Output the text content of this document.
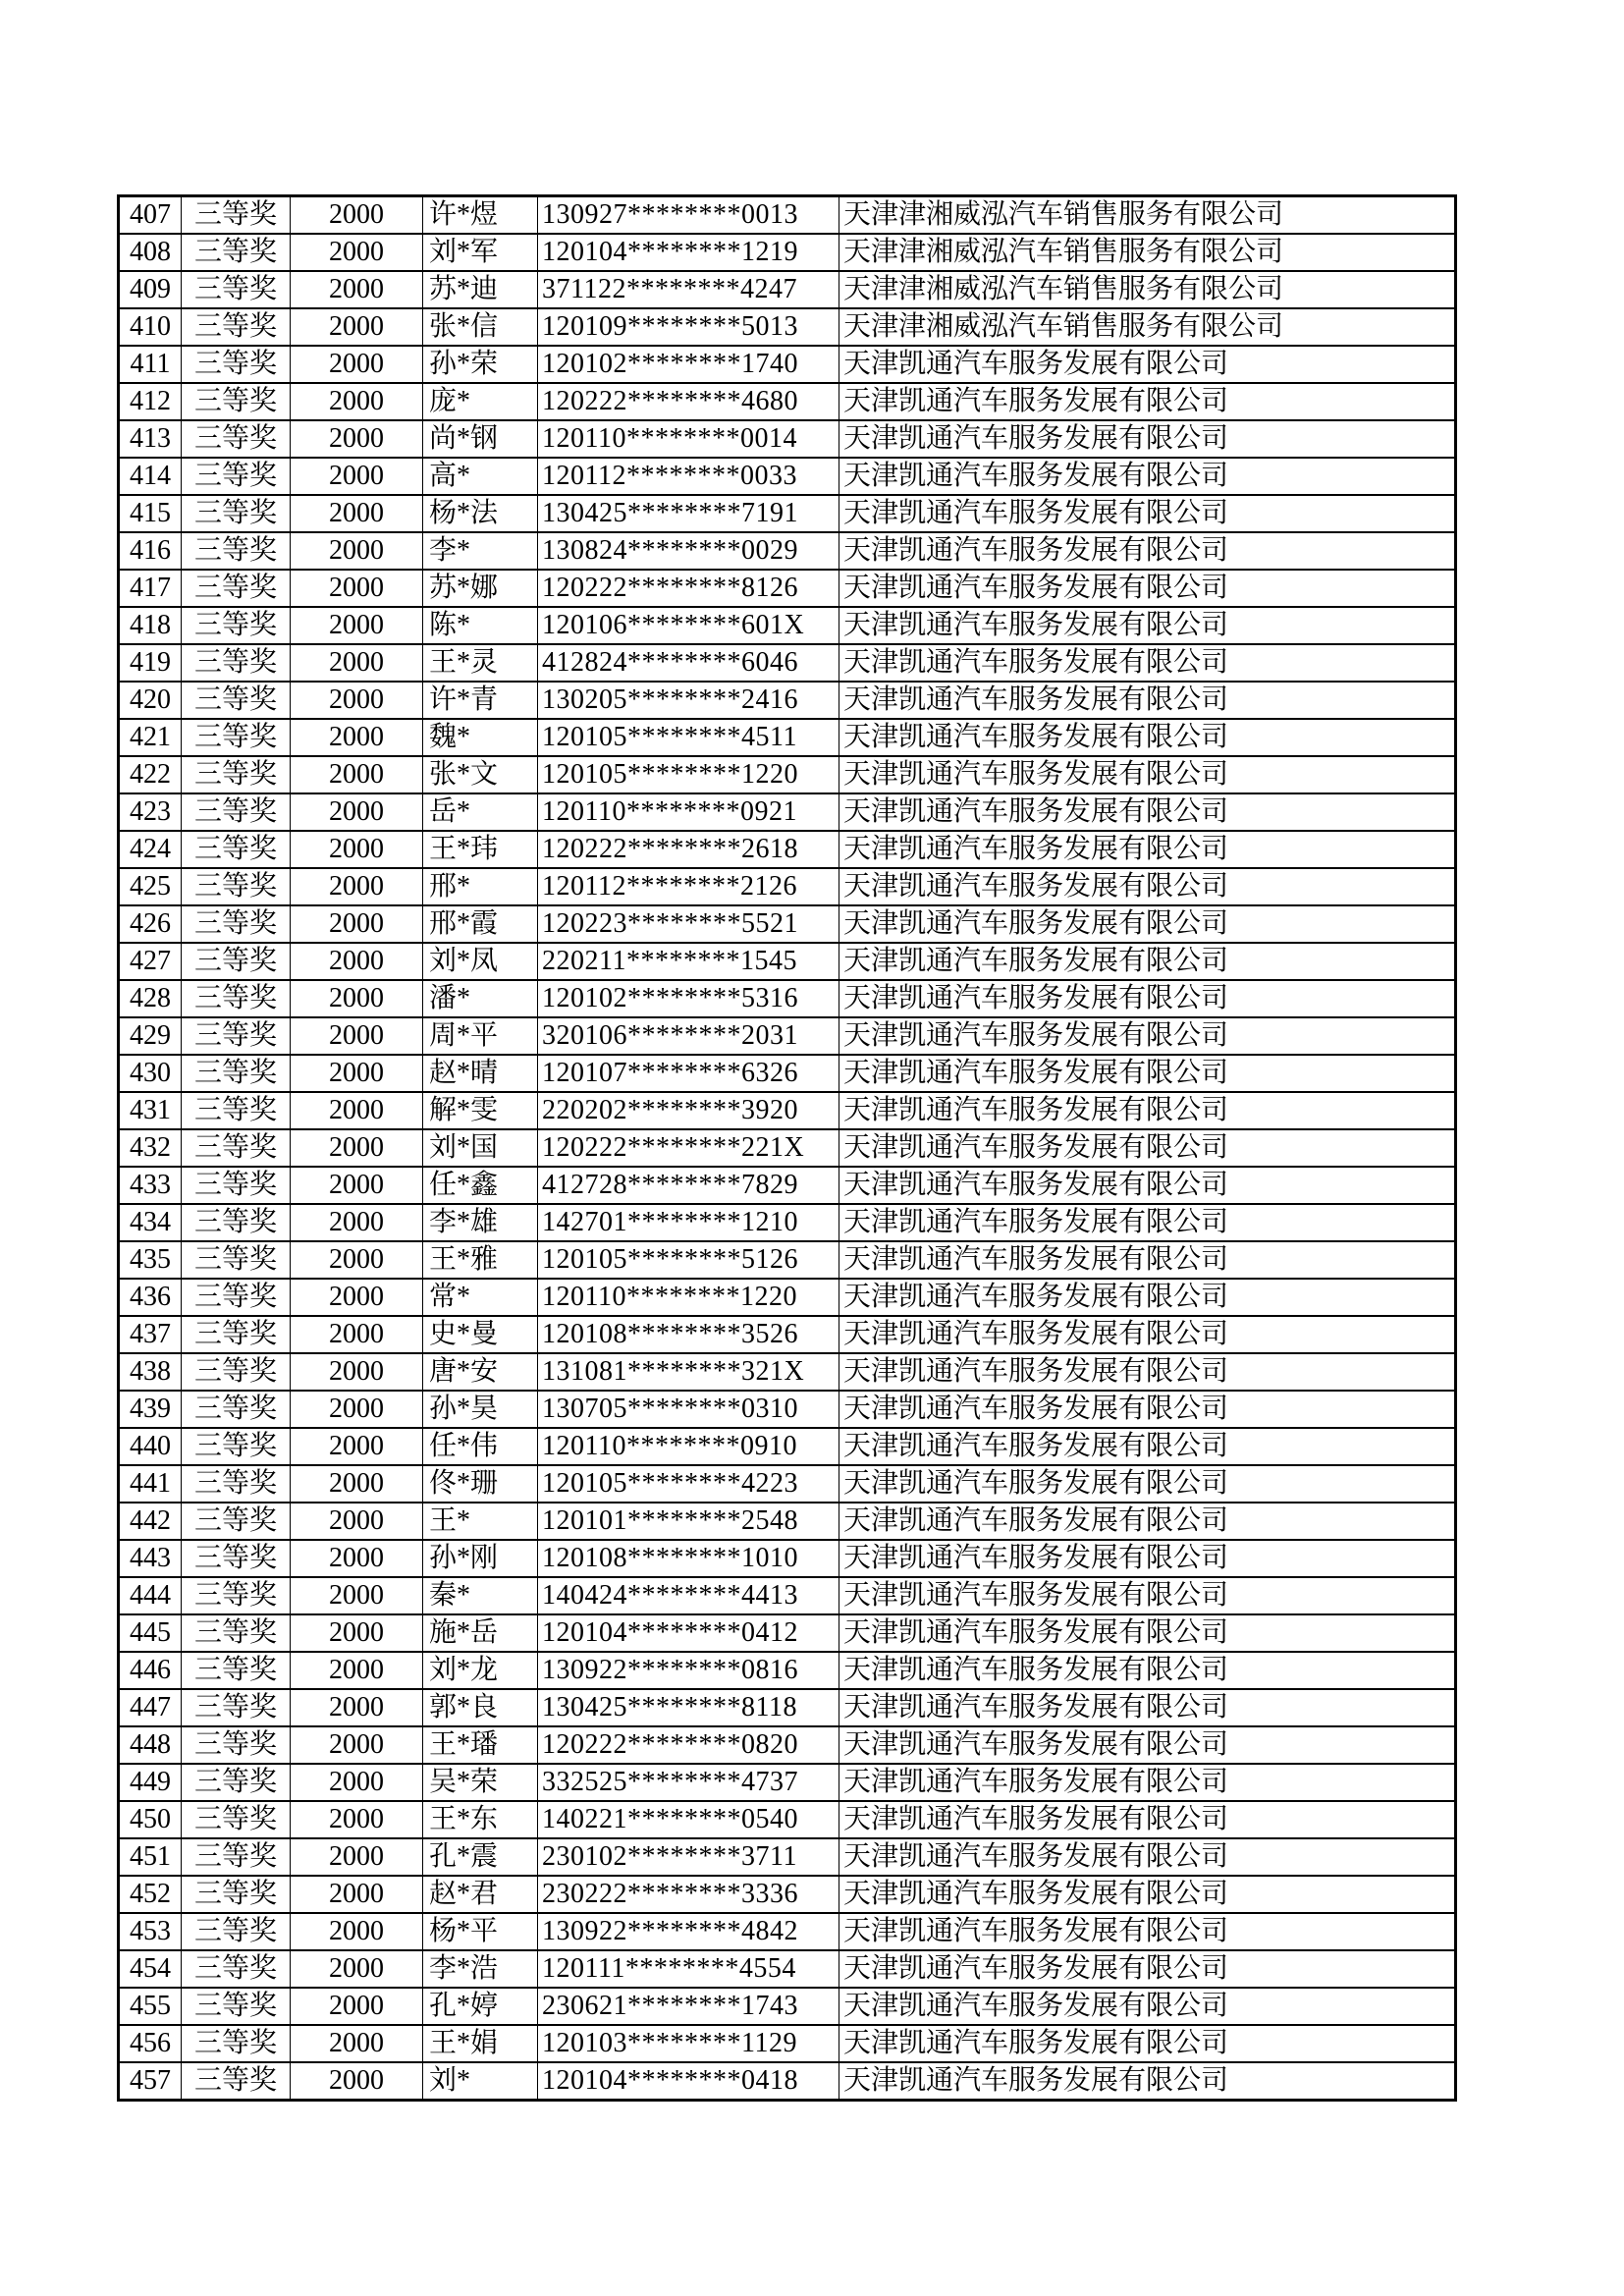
407	三等奖	2000	许*煜	130927********0013	天津津湘威泓汽车销售服务有限公司
408	三等奖	2000	刘*军	120104********1219	天津津湘威泓汽车销售服务有限公司
409	三等奖	2000	苏*迪	371122********4247	天津津湘威泓汽车销售服务有限公司
410	三等奖	2000	张*信	120109********5013	天津津湘威泓汽车销售服务有限公司
411	三等奖	2000	孙*荣	120102********1740	天津凯通汽车服务发展有限公司
412	三等奖	2000	庞*	120222********4680	天津凯通汽车服务发展有限公司
413	三等奖	2000	尚*钢	120110********0014	天津凯通汽车服务发展有限公司
414	三等奖	2000	高*	120112********0033	天津凯通汽车服务发展有限公司
415	三等奖	2000	杨*法	130425********7191	天津凯通汽车服务发展有限公司
416	三等奖	2000	李*	130824********0029	天津凯通汽车服务发展有限公司
417	三等奖	2000	苏*娜	120222********8126	天津凯通汽车服务发展有限公司
418	三等奖	2000	陈*	120106********601X	天津凯通汽车服务发展有限公司
419	三等奖	2000	王*灵	412824********6046	天津凯通汽车服务发展有限公司
420	三等奖	2000	许*青	130205********2416	天津凯通汽车服务发展有限公司
421	三等奖	2000	魏*	120105********4511	天津凯通汽车服务发展有限公司
422	三等奖	2000	张*文	120105********1220	天津凯通汽车服务发展有限公司
423	三等奖	2000	岳*	120110********0921	天津凯通汽车服务发展有限公司
424	三等奖	2000	王*玮	120222********2618	天津凯通汽车服务发展有限公司
425	三等奖	2000	邢*	120112********2126	天津凯通汽车服务发展有限公司
426	三等奖	2000	邢*霞	120223********5521	天津凯通汽车服务发展有限公司
427	三等奖	2000	刘*凤	220211********1545	天津凯通汽车服务发展有限公司
428	三等奖	2000	潘*	120102********5316	天津凯通汽车服务发展有限公司
429	三等奖	2000	周*平	320106********2031	天津凯通汽车服务发展有限公司
430	三等奖	2000	赵*晴	120107********6326	天津凯通汽车服务发展有限公司
431	三等奖	2000	解*雯	220202********3920	天津凯通汽车服务发展有限公司
432	三等奖	2000	刘*国	120222********221X	天津凯通汽车服务发展有限公司
433	三等奖	2000	任*鑫	412728********7829	天津凯通汽车服务发展有限公司
434	三等奖	2000	李*雄	142701********1210	天津凯通汽车服务发展有限公司
435	三等奖	2000	王*雅	120105********5126	天津凯通汽车服务发展有限公司
436	三等奖	2000	常*	120110********1220	天津凯通汽车服务发展有限公司
437	三等奖	2000	史*曼	120108********3526	天津凯通汽车服务发展有限公司
438	三等奖	2000	唐*安	131081********321X	天津凯通汽车服务发展有限公司
439	三等奖	2000	孙*昊	130705********0310	天津凯通汽车服务发展有限公司
440	三等奖	2000	任*伟	120110********0910	天津凯通汽车服务发展有限公司
441	三等奖	2000	佟*珊	120105********4223	天津凯通汽车服务发展有限公司
442	三等奖	2000	王*	120101********2548	天津凯通汽车服务发展有限公司
443	三等奖	2000	孙*刚	120108********1010	天津凯通汽车服务发展有限公司
444	三等奖	2000	秦*	140424********4413	天津凯通汽车服务发展有限公司
445	三等奖	2000	施*岳	120104********0412	天津凯通汽车服务发展有限公司
446	三等奖	2000	刘*龙	130922********0816	天津凯通汽车服务发展有限公司
447	三等奖	2000	郭*良	130425********8118	天津凯通汽车服务发展有限公司
448	三等奖	2000	王*璠	120222********0820	天津凯通汽车服务发展有限公司
449	三等奖	2000	吴*荣	332525********4737	天津凯通汽车服务发展有限公司
450	三等奖	2000	王*东	140221********0540	天津凯通汽车服务发展有限公司
451	三等奖	2000	孔*震	230102********3711	天津凯通汽车服务发展有限公司
452	三等奖	2000	赵*君	230222********3336	天津凯通汽车服务发展有限公司
453	三等奖	2000	杨*平	130922********4842	天津凯通汽车服务发展有限公司
454	三等奖	2000	李*浩	120111********4554	天津凯通汽车服务发展有限公司
455	三等奖	2000	孔*婷	230621********1743	天津凯通汽车服务发展有限公司
456	三等奖	2000	王*娟	120103********1129	天津凯通汽车服务发展有限公司
457	三等奖	2000	刘*	120104********0418	天津凯通汽车服务发展有限公司
